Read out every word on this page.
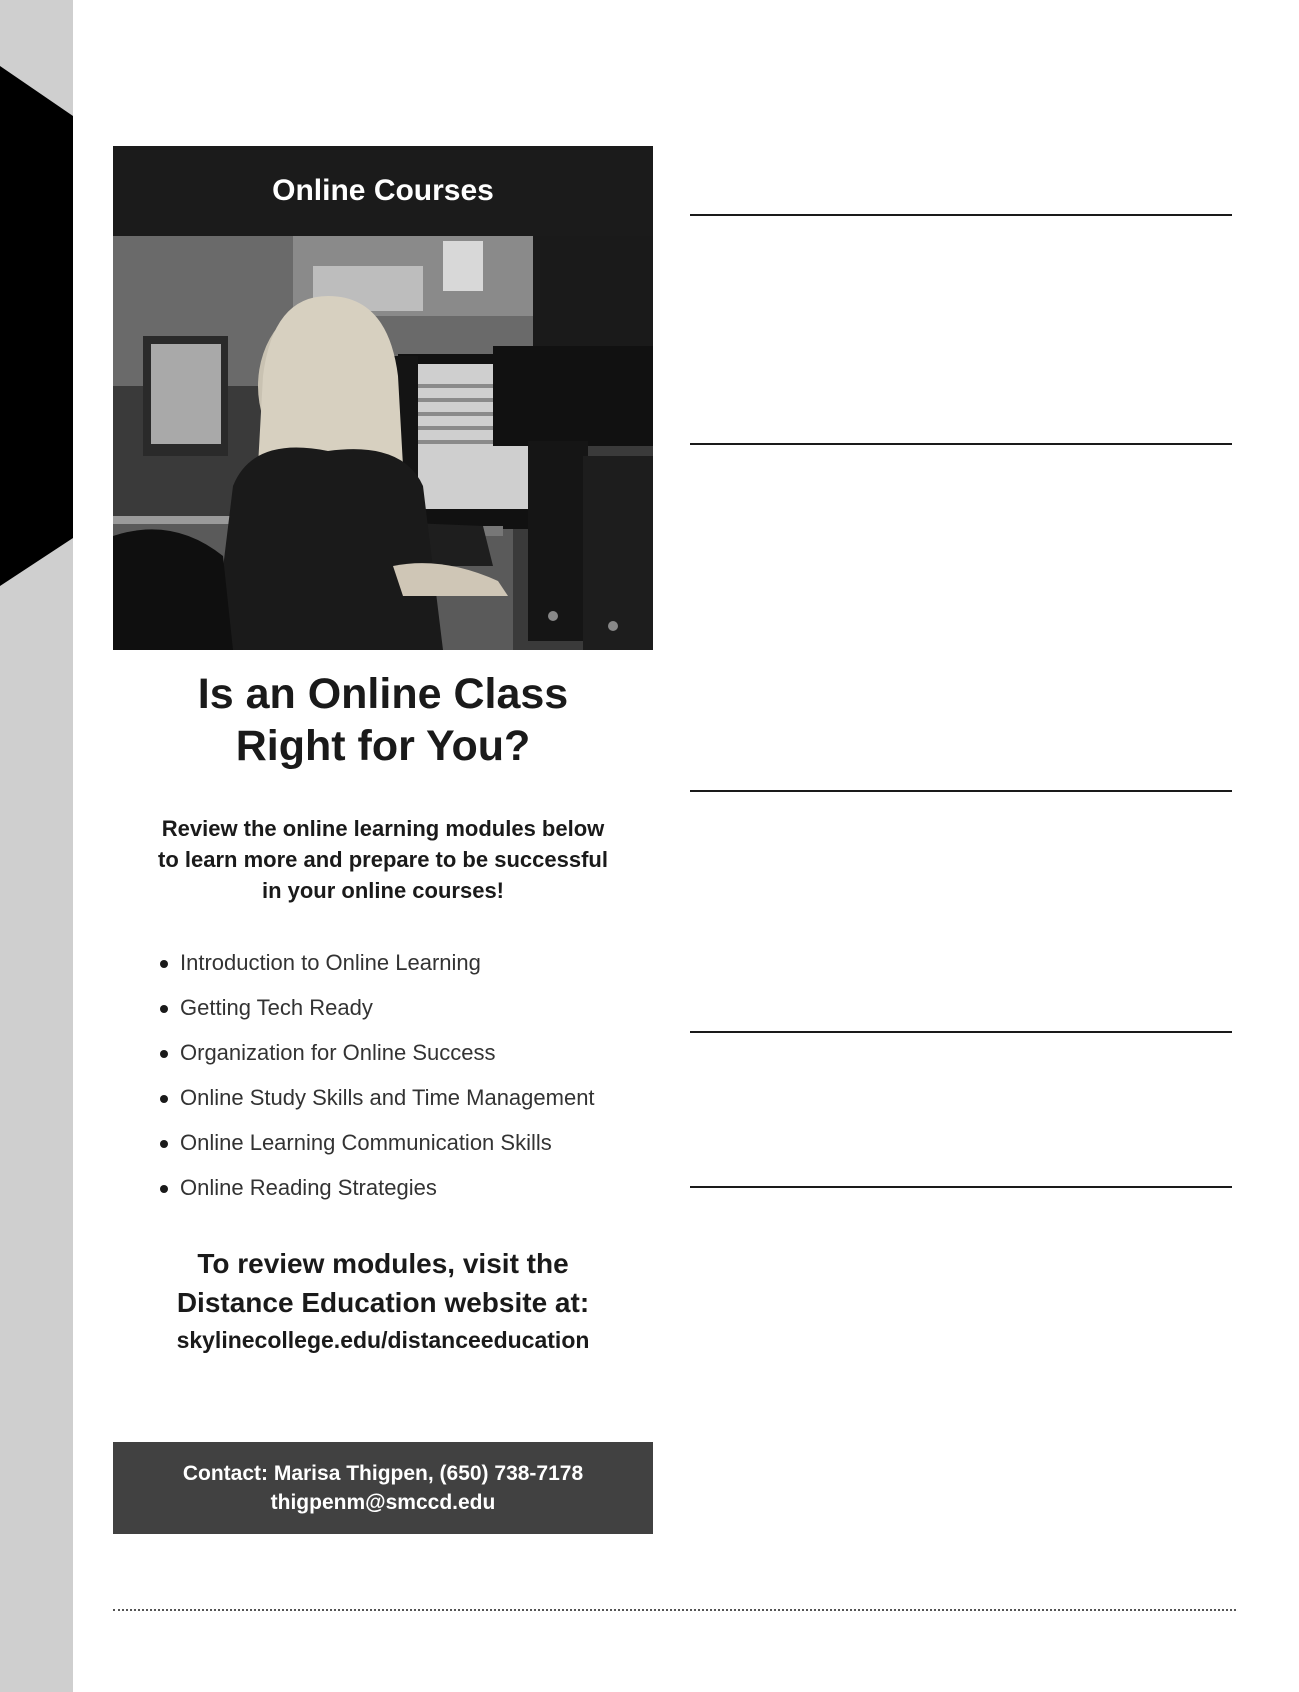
Online Courses
Is an Online Class
Right for You?
Review the online learning modules below
to learn more and prepare to be successful
in your online courses!
Introduction to Online Learning
Getting Tech Ready
Organization for Online Success
Online Study Skills and Time Management
Online Learning Communication Skills
Online Reading Strategies
To review modules, visit the
Distance Education website at:
skylinecollege.edu/distanceeducation
Contact: Marisa Thigpen, (650) 738-7178
thigpenm@smccd.edu
